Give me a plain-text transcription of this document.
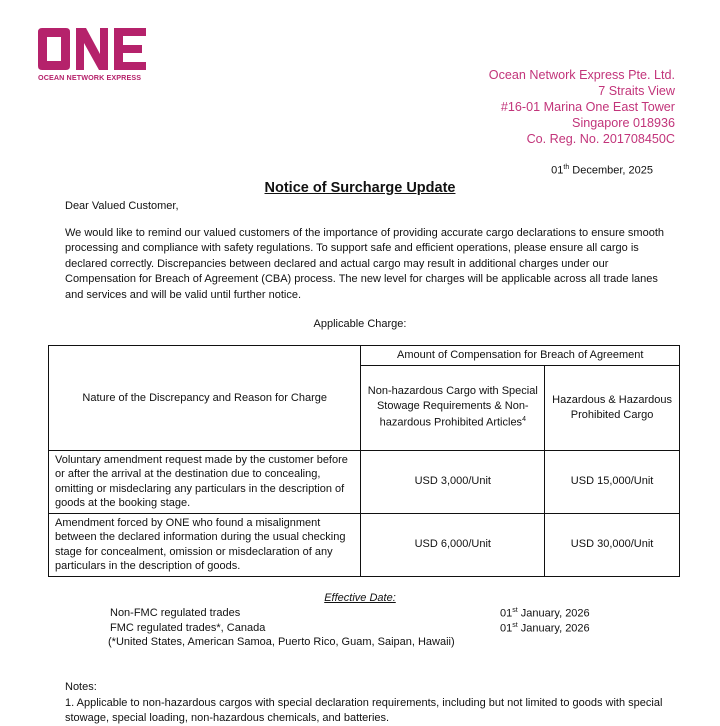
OCEAN NETWORK EXPRESS	Ocean Network Express Pte. Ltd.
7 Straits View
#16-01 Marina One East Tower
Singapore 018936
Co. Reg. No. 201708450C
01th December, 2025
Notice of Surcharge Update
Dear Valued Customer,
We would like to remind our valued customers of the importance of providing accurate cargo declarations to ensure smooth processing and compliance with safety regulations. To support safe and efficient operations, please ensure all cargo is declared correctly. Discrepancies between declared and actual cargo may result in additional charges under our Compensation for Breach of Agreement (CBA) process. The new level for charges will be applicable across all trade lanes and services and will be valid until further notice.
Applicable Charge:
Nature of the Discrepancy and Reason for Charge	Amount of Compensation for Breach of Agreement	
	Non-hazardous Cargo with Special Stowage Requirements & Non-hazardous Prohibited Articles$^4$	Hazardous & Hazardous Prohibited Cargo
Voluntary amendment request made by the customer before or after the arrival at the destination due to concealing, omitting or misdeclaring any particulars in the description of goods at the booking stage.	USD 3,000/Unit	USD 15,000/Unit
Amendment forced by ONE who found a misalignment between the declared information during the usual checking stage for concealment, omission or misdeclaration of any particulars in the description of goods.	USD 6,000/Unit	USD 30,000/Unit
Effective Date:
Non-FMC regulated trades	01st January, 2026
FMC regulated trades*, Canada	01st January, 2026
(*United States, American Samoa, Puerto Rico, Guam, Saipan, Hawaii)
Notes:
1. Applicable to non-hazardous cargos with special declaration requirements, including but not limited to goods with special stowage, special loading, non-hazardous chemicals, and batteries.
